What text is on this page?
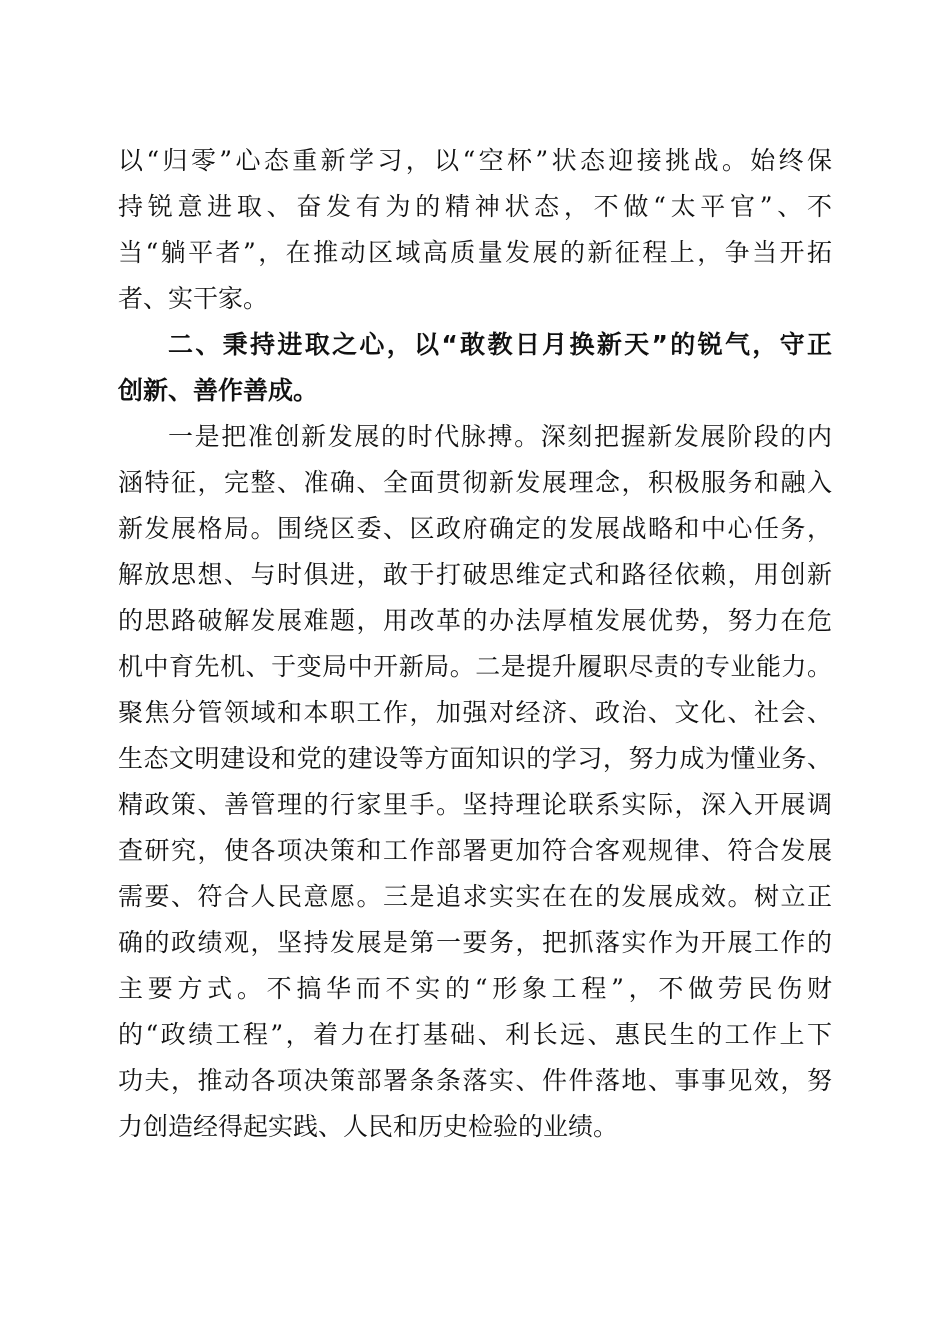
以“归零”心态重新学习，以“空杯”状态迎接挑战。始终保
持锐意进取、奋发有为的精神状态，不做“太平官”、不
当“躺平者”，在推动区域高质量发展的新征程上，争当开拓
者、实干家。
二、秉持进取之心，以“敢教日月换新天”的锐气，守正
创新、善作善成。
一是把准创新发展的时代脉搏。深刻把握新发展阶段的内
涵特征，完整、准确、全面贯彻新发展理念，积极服务和融入
新发展格局。围绕区委、区政府确定的发展战略和中心任务，
解放思想、与时俱进，敢于打破思维定式和路径依赖，用创新
的思路破解发展难题，用改革的办法厚植发展优势，努力在危
机中育先机、于变局中开新局。二是提升履职尽责的专业能力。
聚焦分管领域和本职工作，加强对经济、政治、文化、社会、
生态文明建设和党的建设等方面知识的学习，努力成为懂业务、
精政策、善管理的行家里手。坚持理论联系实际，深入开展调
查研究，使各项决策和工作部署更加符合客观规律、符合发展
需要、符合人民意愿。三是追求实实在在的发展成效。树立正
确的政绩观，坚持发展是第一要务，把抓落实作为开展工作的
主要方式。不搞华而不实的“形象工程”，不做劳民伤财
的“政绩工程”，着力在打基础、利长远、惠民生的工作上下
功夫，推动各项决策部署条条落实、件件落地、事事见效，努
力创造经得起实践、人民和历史检验的业绩。
